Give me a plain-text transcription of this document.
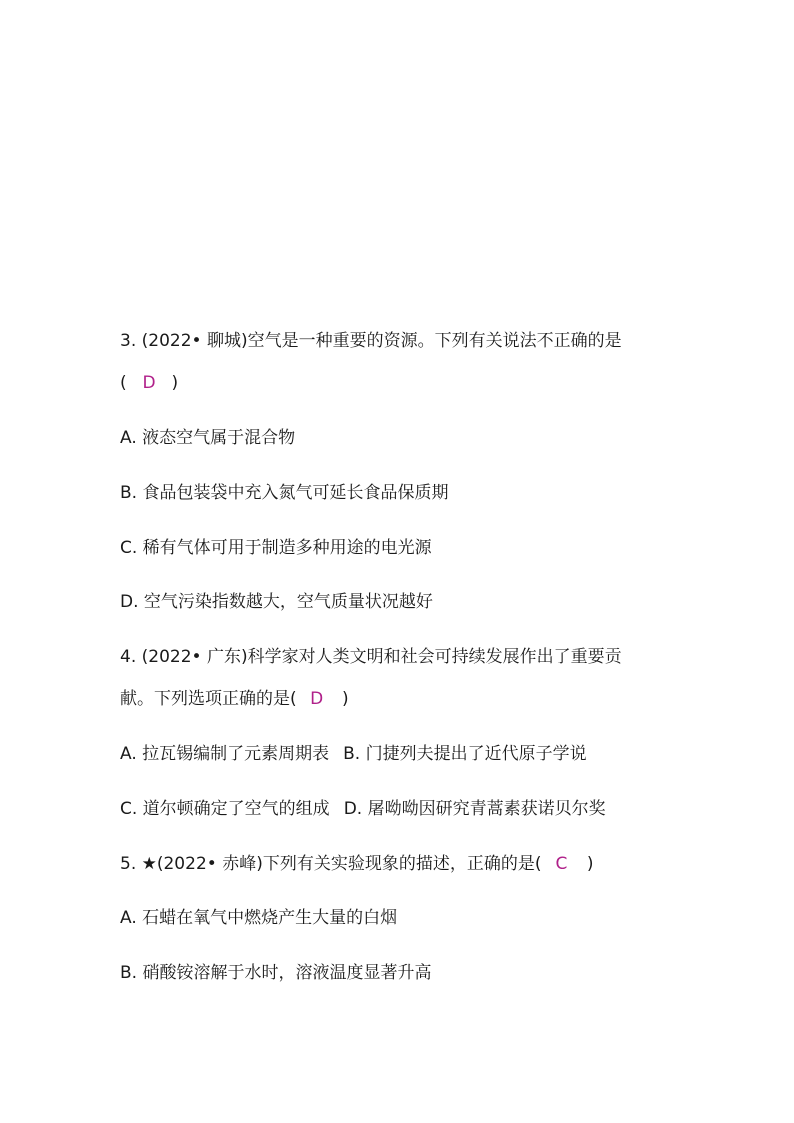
3. (2022• 聊城)空气是一种重要的资源。下列有关说法不正确的是
( D )
A. 液态空气属于混合物
B. 食品包装袋中充入氮气可延长食品保质期
C. 稀有气体可用于制造多种用途的电光源
D. 空气污染指数越大，空气质量状况越好
4. (2022• 广东)科学家对人类文明和社会可持续发展作出了重要贡
献。下列选项正确的是( D )
A. 拉瓦锡编制了元素周期表 B. 门捷列夫提出了近代原子学说
C. 道尔顿确定了空气的组成 D. 屠呦呦因研究青蒿素获诺贝尔奖
5. ★(2022• 赤峰)下列有关实验现象的描述，正确的是( C )
A. 石蜡在氧气中燃烧产生大量的白烟
B. 硝酸铵溶解于水时，溶液温度显著升高
